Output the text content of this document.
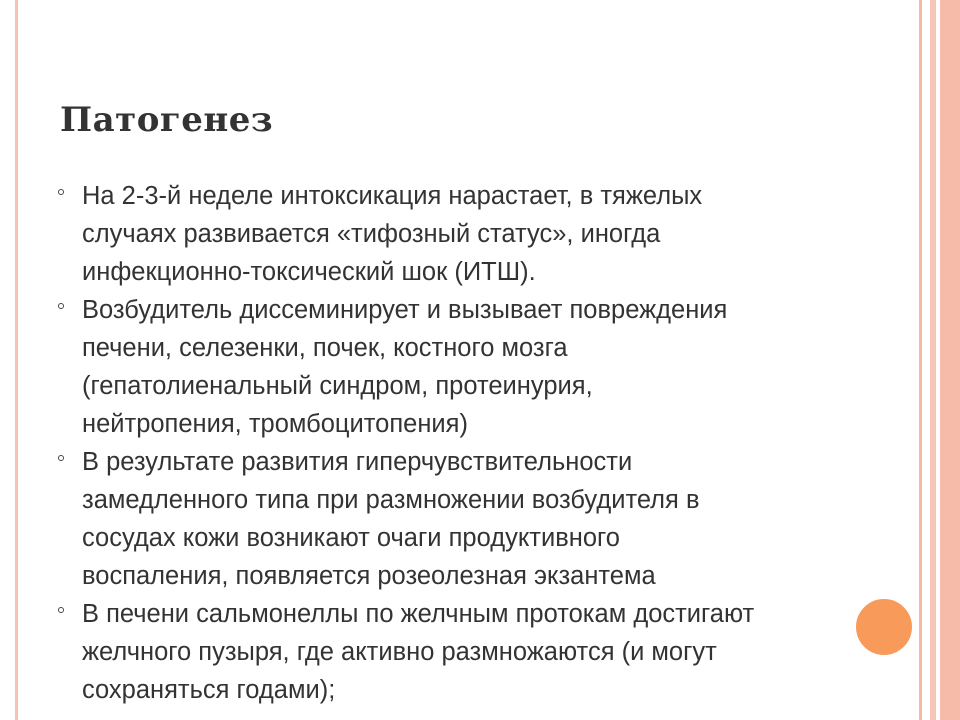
Патогенез
На 2-3-й неделе интоксикация нарастает, в тяжелых
случаях развивается «тифозный статус», иногда
инфекционно-токсический шок (ИТШ).
Возбудитель диссеминирует и вызывает повреждения
печени, селезенки, почек, костного мозга
(гепатолиенальный синдром, протеинурия,
нейтропения, тромбоцитопения)
В результате развития гиперчувствительности
замедленного типа при размножении возбудителя в
сосудах кожи возникают очаги продуктивного
воспаления, появляется розеолезная экзантема
В печени сальмонеллы по желчным протокам достигают
желчного пузыря, где активно размножаются (и могут
сохраняться годами);
